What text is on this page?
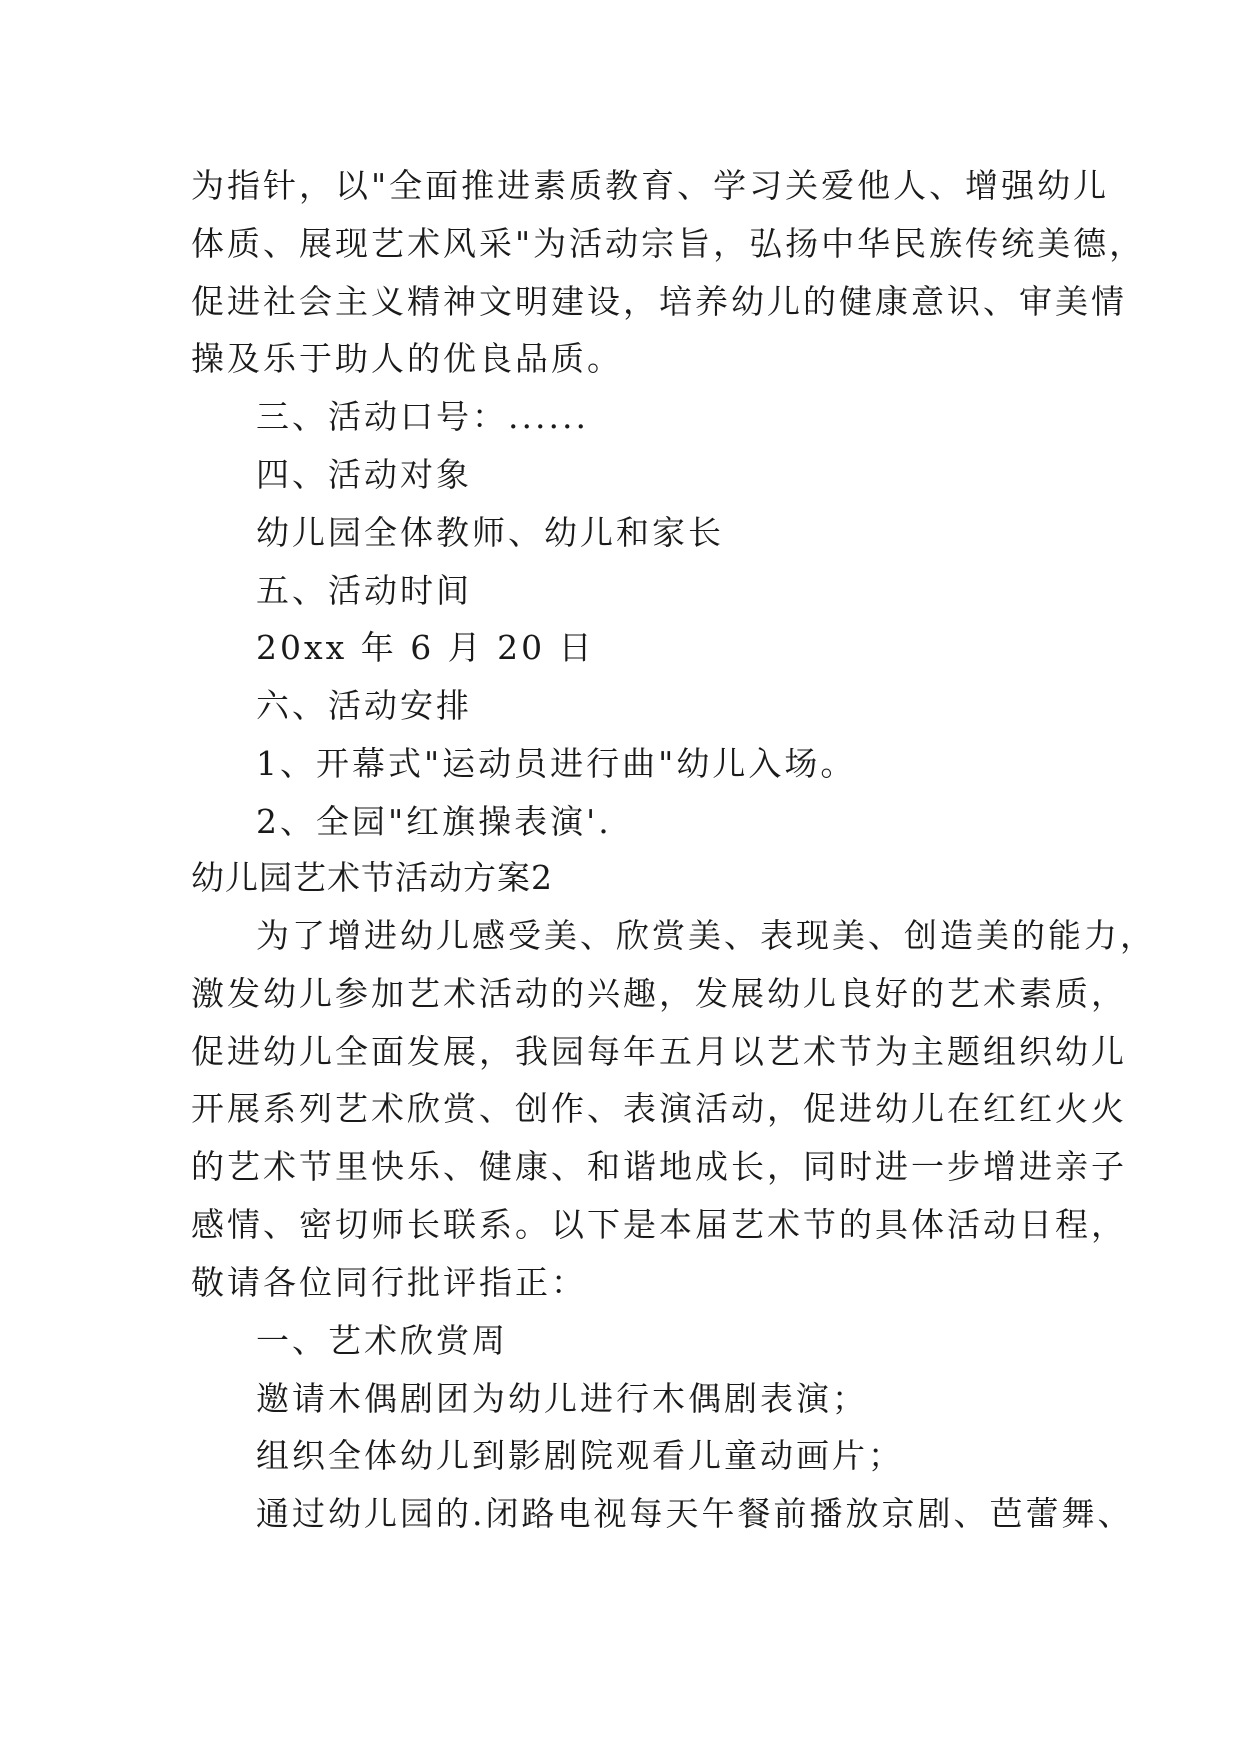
为指针，以"全面推进素质教育、学习关爱他人、增强幼儿
体质、展现艺术风采"为活动宗旨，弘扬中华民族传统美德，
促进社会主义精神文明建设，培养幼儿的健康意识、审美情
操及乐于助人的优良品质。
三、活动口号：......
四、活动对象
幼儿园全体教师、幼儿和家长
五、活动时间
20xx 年 6 月 20 日
六、活动安排
1、开幕式"运动员进行曲"幼儿入场。
2、全园"红旗操表演'.
幼儿园艺术节活动方案2
为了增进幼儿感受美、欣赏美、表现美、创造美的能力，
激发幼儿参加艺术活动的兴趣，发展幼儿良好的艺术素质，
促进幼儿全面发展，我园每年五月以艺术节为主题组织幼儿
开展系列艺术欣赏、创作、表演活动，促进幼儿在红红火火
的艺术节里快乐、健康、和谐地成长，同时进一步增进亲子
感情、密切师长联系。以下是本届艺术节的具体活动日程，
敬请各位同行批评指正：
一、艺术欣赏周
邀请木偶剧团为幼儿进行木偶剧表演；
组织全体幼儿到影剧院观看儿童动画片；
通过幼儿园的.闭路电视每天午餐前播放京剧、芭蕾舞、
